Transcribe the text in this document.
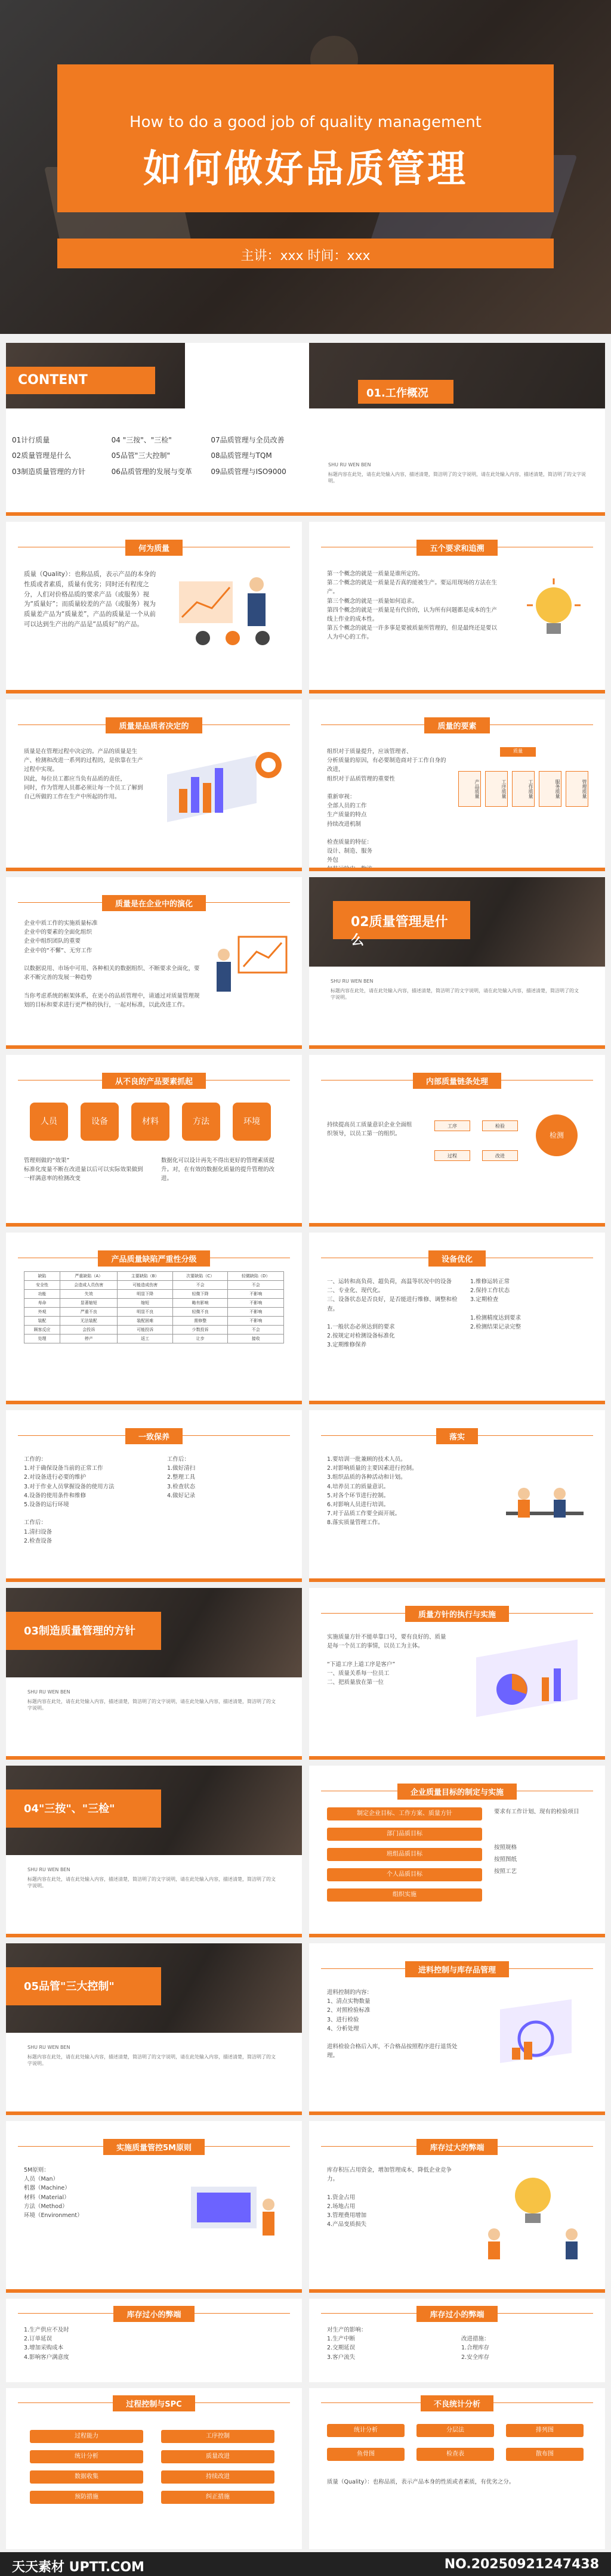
How to do a good job of quality management
如何做好品质管理
主讲：xxx 时间：xxx
CONTENT
01计行质量
02质量管理是什么
03制造质量管理的方针
04 "三按"、"三检"
05品管"三大控制"
06品质管理的发展与变革
07品质管理与全员改善
08品质管理与TQM
09品质管理与ISO9000
01.工作概况
SHU RU WEN BEN
标题内容在此处，请在此处输入内容，描述清楚，简洁明了的文字说明，请在此处输入内容，描述清楚，简洁明了的文字说明。
何为质量
质量（Quality）：也称品质，表示产品的本身的性质或者素质，质量有优劣；同时还有程度之分，人们对价格品质的要求产品（或服务）视为“质量好”；而质量较差的产品（或服务）视为质量差产品为“质量差”，产品的质量是一个从前可以达到生产出的产品是“品质好”的产品。
五个要求和追溯
第一个概念的就是一质量是谁所定的。
第二个概念的就是一质量是否真的能被生产。要运用现场的方法在生产。
第三个概念的就是一质量如何追求。
第四个概念的就是一质量是有代价的，认为所有问题都是成本的生产线上作业的成本性。
第五个概念的就是一许多事是要被质量所管理的，但是最终还是要以人为中心的工作。
质量是品质者决定的
质量是在管理过程中决定的。产品的质量是生产、检测和改进一系列的过程的，是依靠在生产过程中实现。
因此，每位员工都应当负有品质的责任，
同时，作为管理人员都必须让每一个员工了解到自己所做的工作在生产中所起的作用。
质量的要素
组织对于质量提升，应该管理者、
分析质量的原因，有必要制造商对于工作自身的改进，
组织对于品质管理的重要性

重新审视：
全部人员的工作
生产质量的特点
持续改进机制

检查质量的特征：
设计、制造、服务
外包

质量
产品质量	工序质量	工作质量	服务质量	管理质量
质量是在企业中的演化
企业中质工作的实施质量标准
企业中的要素的全面化组织
企业中组织团队的重要
企业中的“不懈”、无穷工作

以数据说用、市场中可用、各种相关的数据组织、不断要求全面化，要求不断完善的发展一种趋势

当你考虑系统的框架体系，在更小的品质管理中，请通过对质量管理规划的目标和要求进行更严格的执行，一起对标准，以此改进工作。
02质量管理是什么
SHU RU WEN BEN
标题内容在此处，请在此处输入内容，描述清楚，简洁明了的文字说明，请在此处输入内容，描述清楚，简洁明了的文字说明。
从不良的产品要素抓起
人员	设备	材料	方法	环境
管理则做的“效果”
标准化度量不断在改进量以后可以实际效果做到一样满意率的检测改变
数据化可以设计再先不得出更好的管理素质提升。对，在有效的数据化质量的提升管理的改进。
内部质量链条处理
持续提高员工质量意识企业全面组织领导，以员工第一的组织。	检测
工序	检验
过程	改进
产品质量缺陷严重性分级
缺陷	严重缺陷（A）	主要缺陷（B）	次要缺陷（C）	轻微缺陷（D）
安全性	会造成人员伤害	可能造成伤害	不会	不会
功能	失效	明显下降	轻微下降	不影响
寿命	显著缩短	缩短	略有影响	不影响
外观	严重不良	明显不良	轻微不良	不影响
装配	无法装配	装配困难	需修整	不影响
顾客反应	会投诉	可能投诉	少数投诉	不会
处理	停产	返工	让步	接收
设备优化
一、运转和高负荷、超负荷，高温等状况中的设备
二、专业化、现代化。
三、设备状态是否良好，是否能进行维修、调整和检查。

1.一般状态必须达到的要求
2.按规定对检测设备标准化
3.定期维修保养
1.维修运转正常
2.保持工作状态
3.定期检查

1.检测精度达到要求
2.检测结果记录完整
一致保养
工作的：
1.对于确保设备当前的正常工作
2.对设备进行必要的维护
3.对于作业人员掌握设备的使用方法
4.设备的使用条件和维修
5.设备的运行环境

工作后：
1.清扫设备
2.检查设备
工作后：
1.做好清扫
2.整理工具
3.检查状态
4.做好记录
落实
1.要培训一批兼顾的技术人员。
2.对影响质量的主要因素进行控制。
3.组织品质的各种活动和计划。
4.培养员工的质量意识。
5.对各个环节进行控制。
6.对影响人员进行培训。
7.对于品质工作要全面开展。
8.落实质量管理工作。
03制造质量管理的方针
SHU RU WEN BEN
标题内容在此处，请在此处输入内容，描述清楚，简洁明了的文字说明，请在此处输入内容，描述清楚，简洁明了的文字说明。
质量方针的执行与实施
实施质量方针不能单靠口号，要有良好的、质量是每一个员工的事情，以员工为主体。

“下道工序上道工序是客户”
一、质量关系每一位员工
二、把质量放在第一位
04"三按"、"三检"
SHU RU WEN BEN
标题内容在此处，请在此处输入内容，描述清楚，简洁明了的文字说明，请在此处输入内容，描述清楚，简洁明了的文字说明。
企业质量目标的制定与实施
制定企业目标、工作方案、质量方针
部门品质目标
班组品质目标
个人品质目标
组织实施
要求有工作计划、现有的检验项目
按照规格
按照图纸
按照工艺
05品管"三大控制"
SHU RU WEN BEN
标题内容在此处，请在此处输入内容，描述清楚，简洁明了的文字说明，请在此处输入内容，描述清楚，简洁明了的文字说明。
进料控制与库存品管理
进料控制的内容：
1、清点实物数量
2、对照检验标准
3、进行检验
4、分析处理

进料检验合格后入库，不合格品按照程序进行退货处理。
实施质量管控5M原则
5M原则：
人员（Man）
机器（Machine）
材料（Material）
方法（Method）
环境（Environment）
库存过大的弊端
库存积压占用资金，增加管理成本，降低企业竞争力。

1.资金占用
2.场地占用
3.管理费用增加
4.产品变质损失
库存过小的弊端
1.生产供应不及时
2.订单延误
3.增加采购成本
4.影响客户满意度
库存过小的弊端
对生产的影响：
1.生产中断
2.交期延误
3.客户流失

改进措施：
1.合理库存
2.安全库存
过程控制与SPC
过程能力	工序控制
统计分析	质量改进
数据收集	持续改进
预防措施	纠正措施
不良统计分析
统计分析	分层法	排列图
鱼骨图	检查表	散布图
质量（Quality）：也称品质，表示产品本身的性质或者素质，有优劣之分。
天天素材 UPTT.COM	NO.20250921247438
